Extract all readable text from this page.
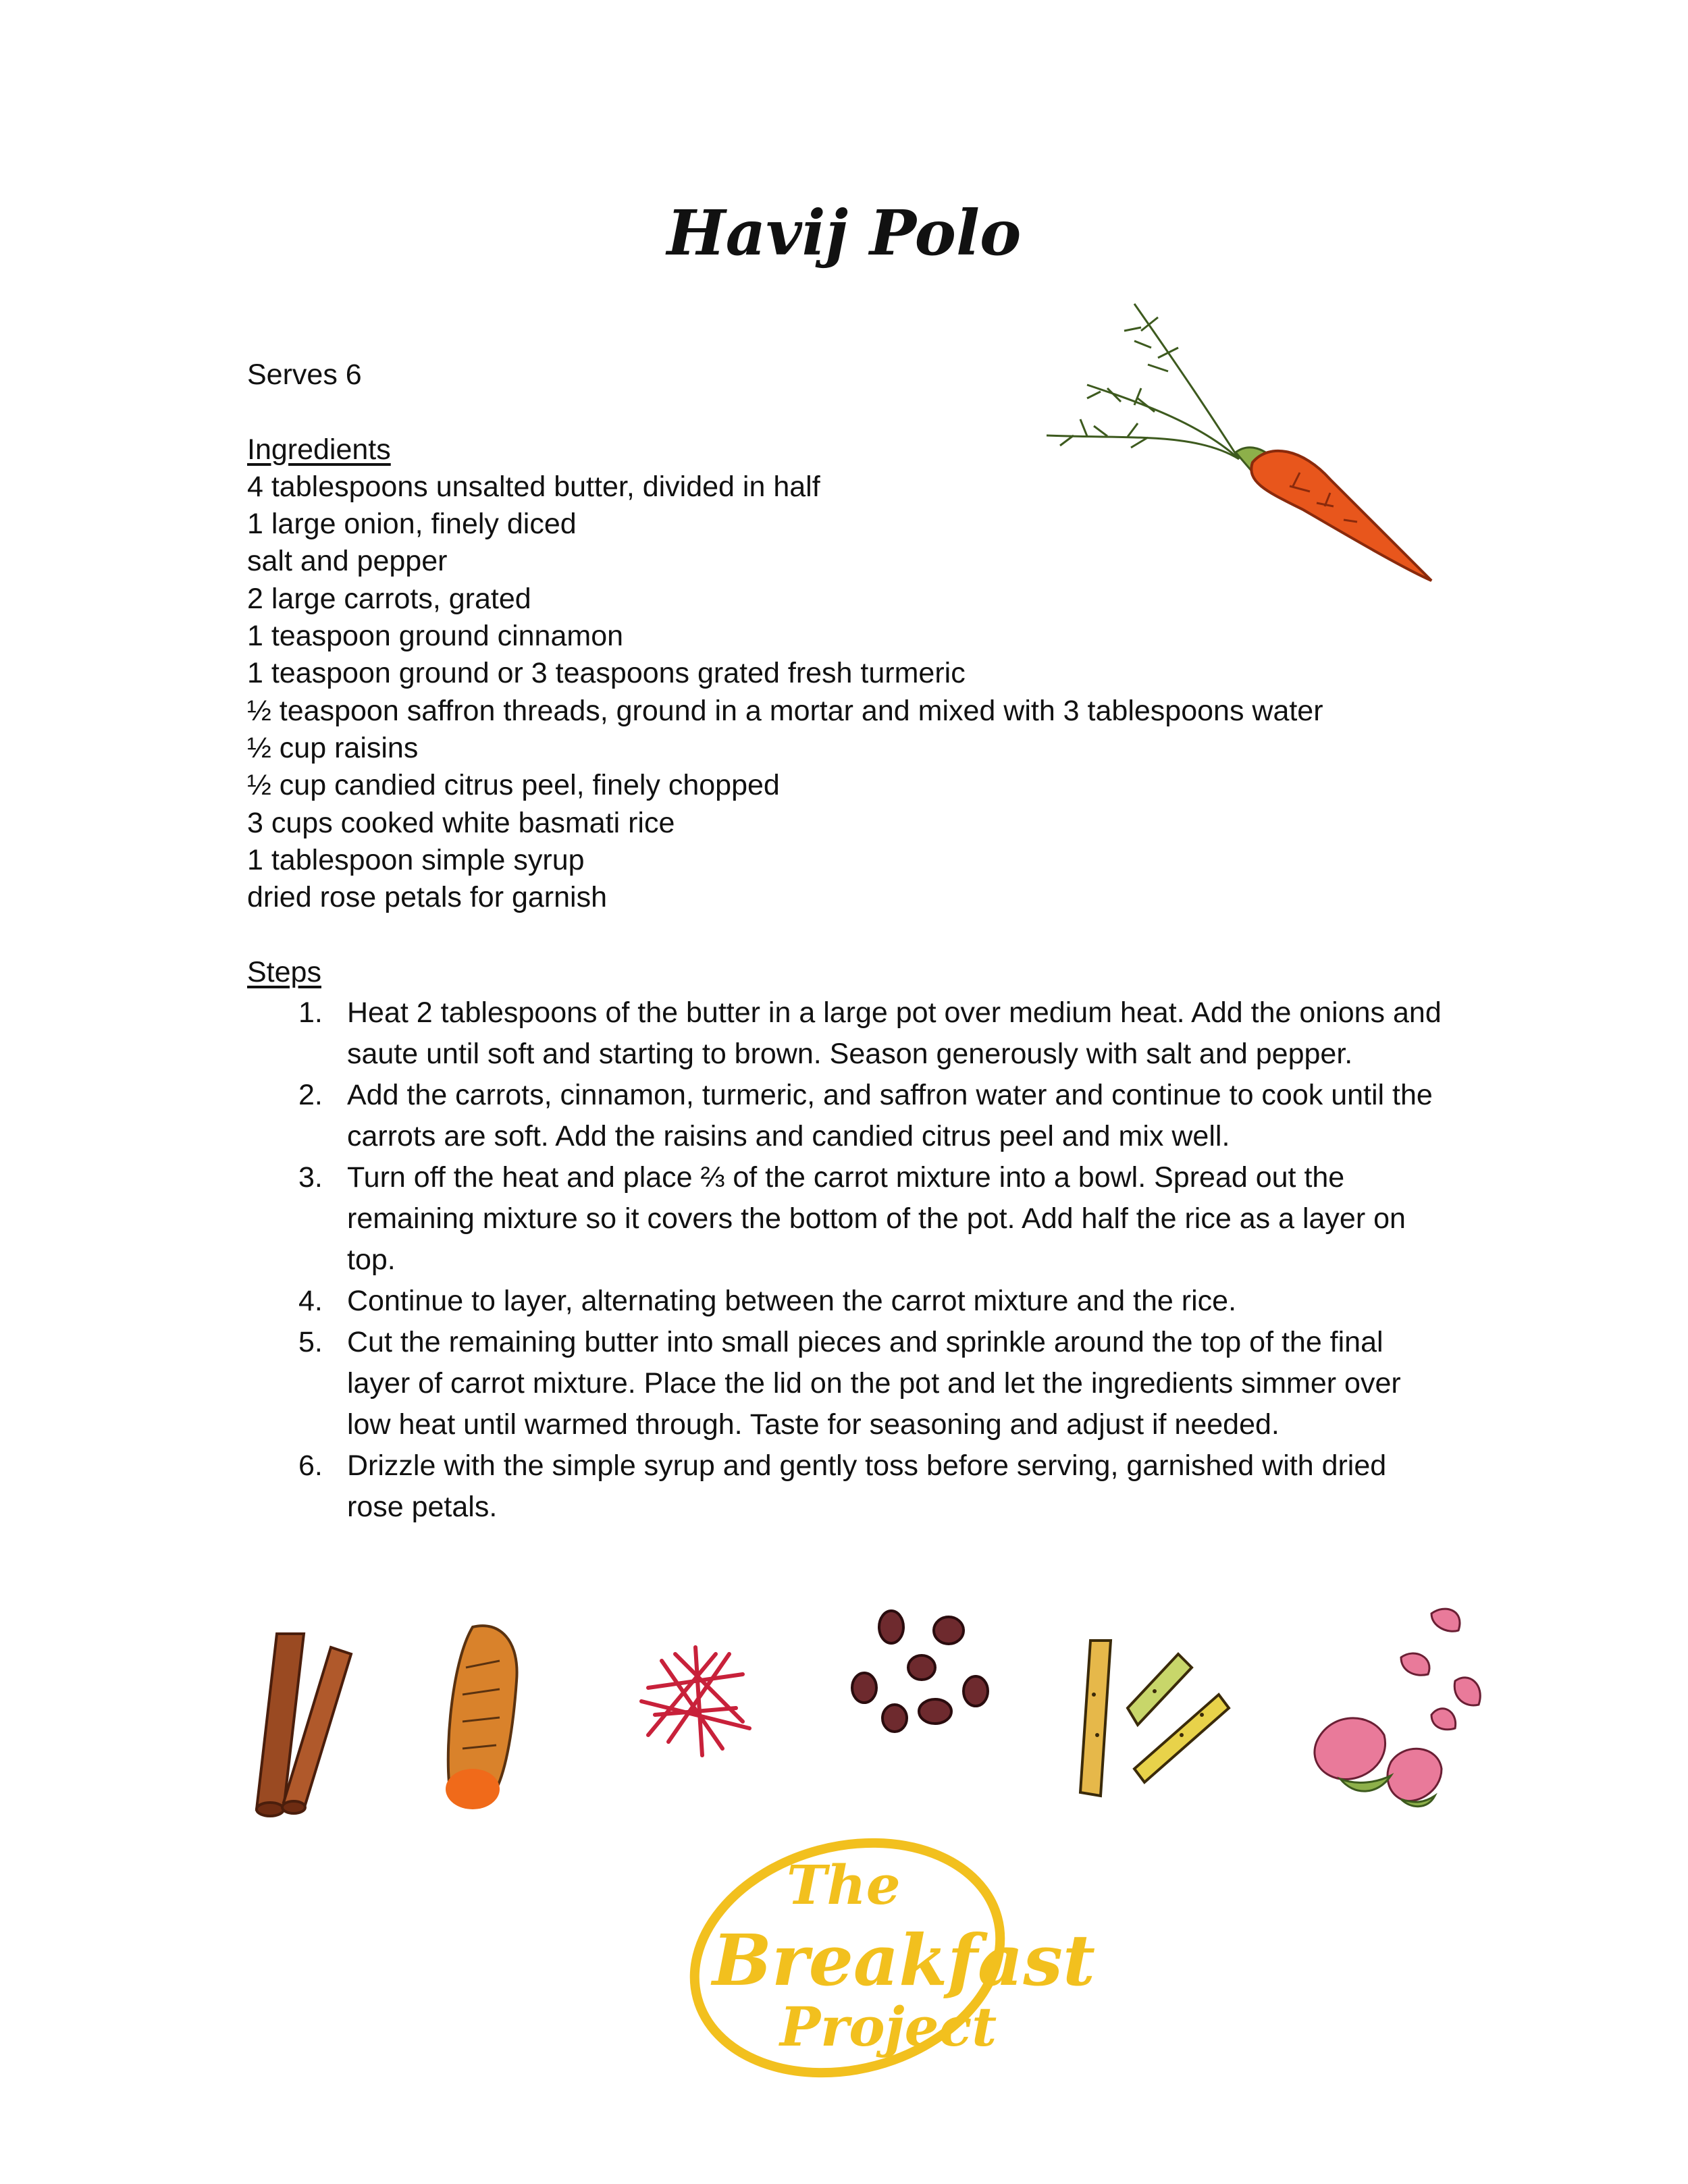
Havij Polo

Serves 6

Ingredients

4 tablespoons unsalted butter, divided in half
1 large onion, finely diced
salt and pepper
2 large carrots, grated
1 teaspoon ground cinnamon
1 teaspoon ground or 3 teaspoons grated fresh turmeric
½ teaspoon saffron threads, ground in a mortar and mixed with 3 tablespoons water
½ cup raisins
½ cup candied citrus peel, finely chopped
3 cups cooked white basmati rice
1 tablespoon simple syrup
dried rose petals for garnish

Steps

1. Heat 2 tablespoons of the butter in a large pot over medium heat. Add the onions and saute until soft and starting to brown. Season generously with salt and pepper.
2. Add the carrots, cinnamon, turmeric, and saffron water and continue to cook until the carrots are soft. Add the raisins and candied citrus peel and mix well.
3. Turn off the heat and place ⅔ of the carrot mixture into a bowl. Spread out the remaining mixture so it covers the bottom of the pot. Add half the rice as a layer on top.
4. Continue to layer, alternating between the carrot mixture and the rice.
5. Cut the remaining butter into small pieces and sprinkle around the top of the final layer of carrot mixture. Place the lid on the pot and let the ingredients simmer over low heat until warmed through. Taste for seasoning and adjust if needed.
6. Drizzle with the simple syrup and gently toss before serving, garnished with dried rose petals.
The
Breakfast
Project
